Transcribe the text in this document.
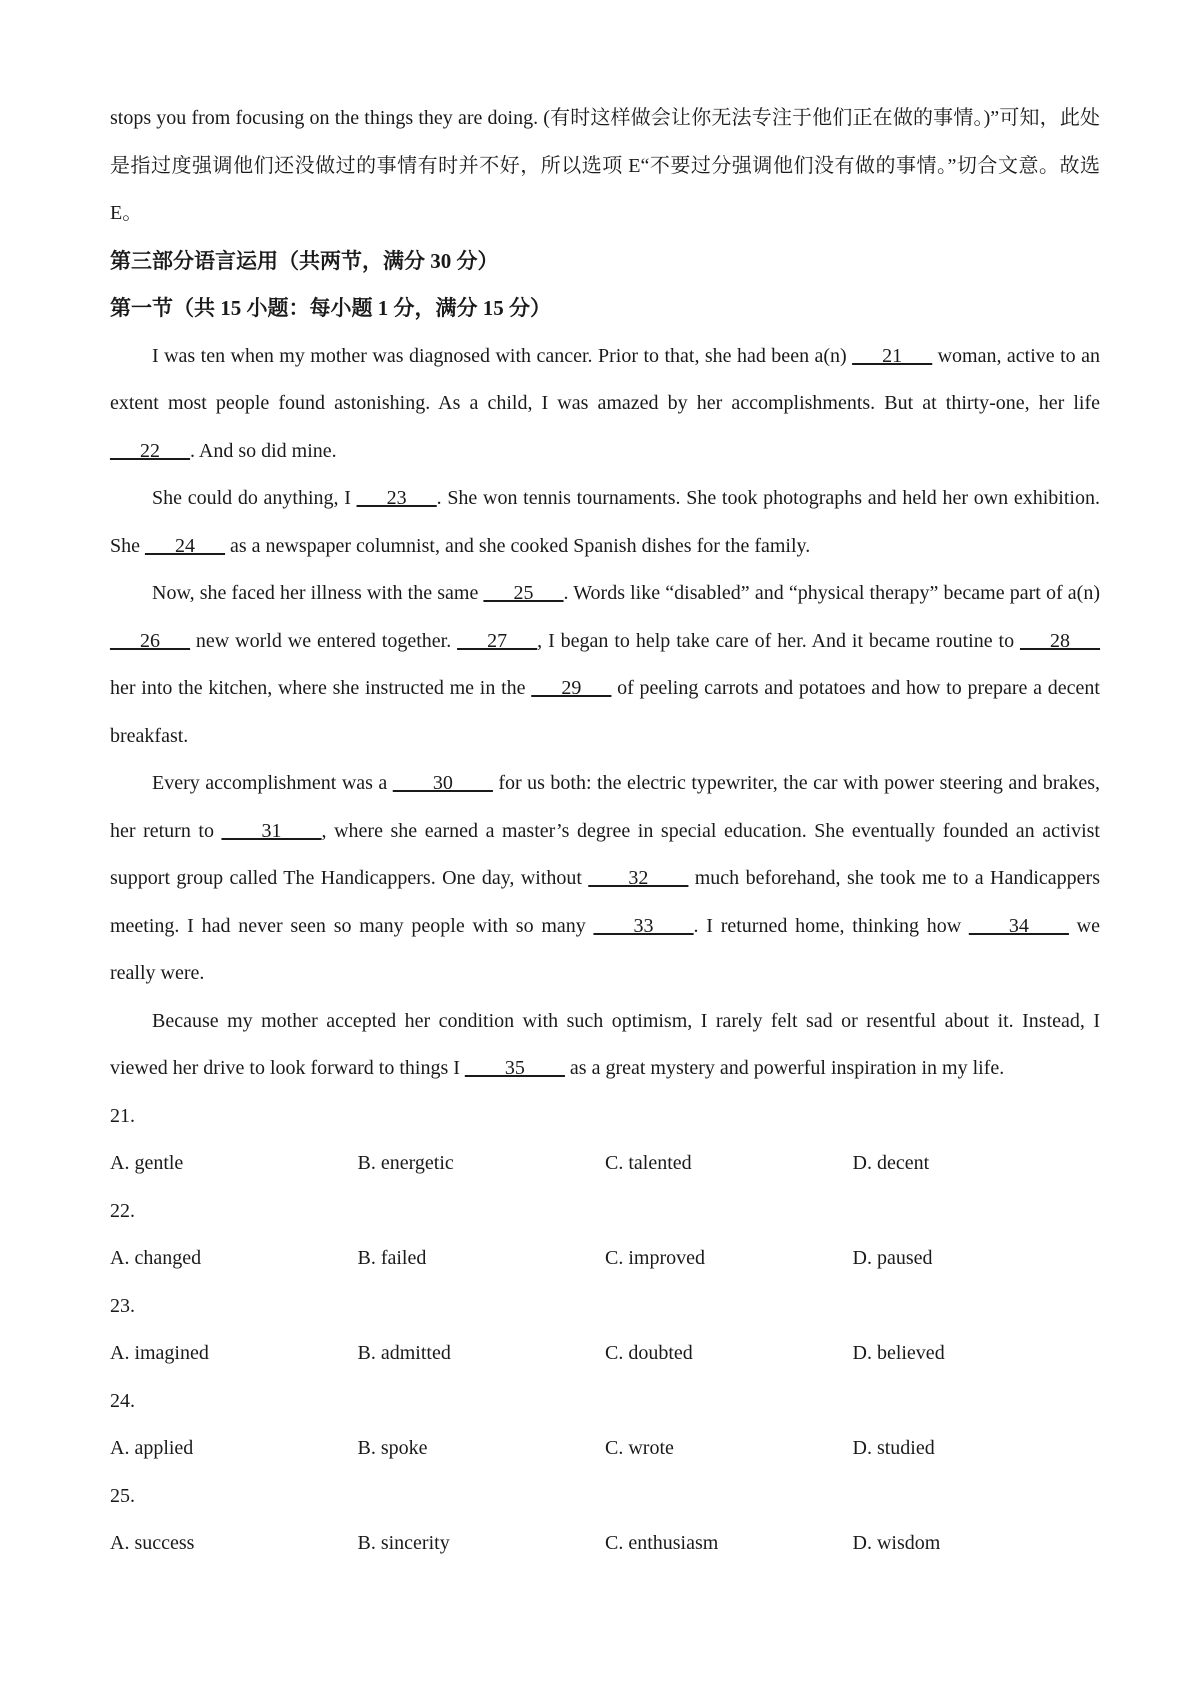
stops you from focusing on the things they are doing. (有时这样做会让你无法专注于他们正在做的事情。)”可知，此处是指过度强调他们还没做过的事情有时并不好，所以选项 E“不要过分强调他们没有做的事情。”切合文意。故选 E。

第三部分语言运用（共两节，满分 30 分）
第一节（共 15 小题：每小题 1 分，满分 15 分）

I was ten when my mother was diagnosed with cancer. Prior to that, she had been a(n) ___21___ woman, active to an extent most people found astonishing. As a child, I was amazed by her accomplishments. But at thirty-one, her life ___22___. And so did mine.

She could do anything, I ___23___. She won tennis tournaments. She took photographs and held her own exhibition. She ___24___ as a newspaper columnist, and she cooked Spanish dishes for the family.

Now, she faced her illness with the same ___25___. Words like “disabled” and “physical therapy” became part of a(n) ___26___ new world we entered together. ___27___, I began to help take care of her. And it became routine to ___28___ her into the kitchen, where she instructed me in the ___29___ of peeling carrots and potatoes and how to prepare a decent breakfast.

Every accomplishment was a ____30____ for us both: the electric typewriter, the car with power steering and brakes, her return to ____31____, where she earned a master’s degree in special education. She eventually founded an activist support group called The Handicappers. One day, without ____32____ much beforehand, she took me to a Handicappers meeting. I had never seen so many people with so many ____33____. I returned home, thinking how ____34____ we really were.

Because my mother accepted her condition with such optimism, I rarely felt sad or resentful about it. Instead, I viewed her drive to look forward to things I ____35____ as a great mystery and powerful inspiration in my life.

21.
A. gentle	B. energetic	C. talented	D. decent
22.
A. changed	B. failed	C. improved	D. paused
23.
A. imagined	B. admitted	C. doubted	D. believed
24.
A. applied	B. spoke	C. wrote	D. studied
25.
A. success	B. sincerity	C. enthusiasm	D. wisdom
